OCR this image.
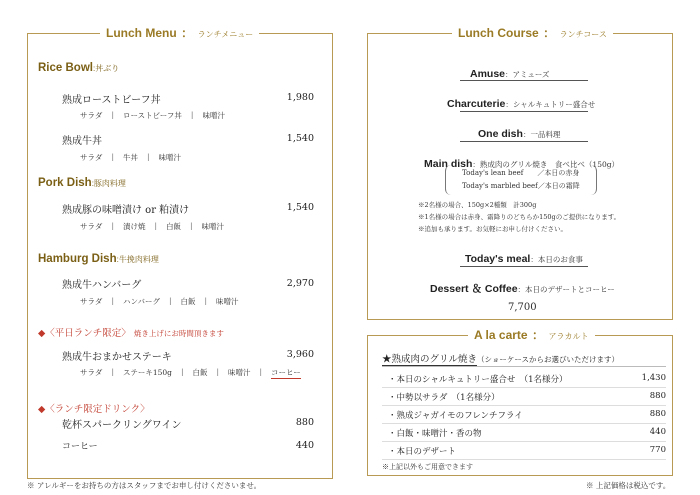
Lunch Menu ： ランチメニュー
Rice Bowl:丼ぶり
熟成ローストビーフ丼	1,980
サラダ | ローストビーフ丼 | 味噌汁
熟成牛丼	1,540
サラダ | 牛丼 | 味噌汁
Pork Dish:豚肉料理
熟成豚の味噌漬け or 粕漬け	1,540
サラダ | 漬け焼 | 白飯 | 味噌汁
Hamburg Dish:牛挽肉料理
熟成牛ハンバーグ	2,970
サラダ | ハンバーグ | 白飯 | 味噌汁
◆〈平日ランチ限定〉 焼き上げにお時間頂きます
熟成牛おまかせステーキ	3,960
サラダ | ステーキ150g | 白飯 | 味噌汁 | コーヒー
◆〈ランチ限定ドリンク〉
乾杯スパークリングワイン	880
コーヒー	440
※ アレルギーをお持ちの方はスタッフまでお申し付けくださいませ。
Lunch Course ： ランチコース
Amuse：アミューズ
Charcuterie：シャルキュトリー盛合せ
One dish：一品料理
Main dish：熟成肉のグリル焼き　食べ比べ（150g）
Today's lean beef　　／本日の赤身
Today's marbled beef／本日の霜降
※2名様の場合、150g×2種類　計300g
※1名様の場合は赤身、霜降りのどちらか150gのご提供になります。
※追加も承ります。お気軽にお申し付けください。
Today's meal：本日のお食事
Dessert ＆ Coffee：本日のデザートとコーヒー
7,700
A la carte ： アラカルト
★熟成肉のグリル焼き（ショーケースからお選びいただけます）
・本日のシャルキュトリー盛合せ　（1名様分）	1,430
・中勢以サラダ　（1名様分）	880
・熟成ジャガイモのフレンチフライ	880
・白飯・味噌汁・香の物	440
・本日のデザート	770
※上記以外もご用意できます
※ 上記価格は税込です。
